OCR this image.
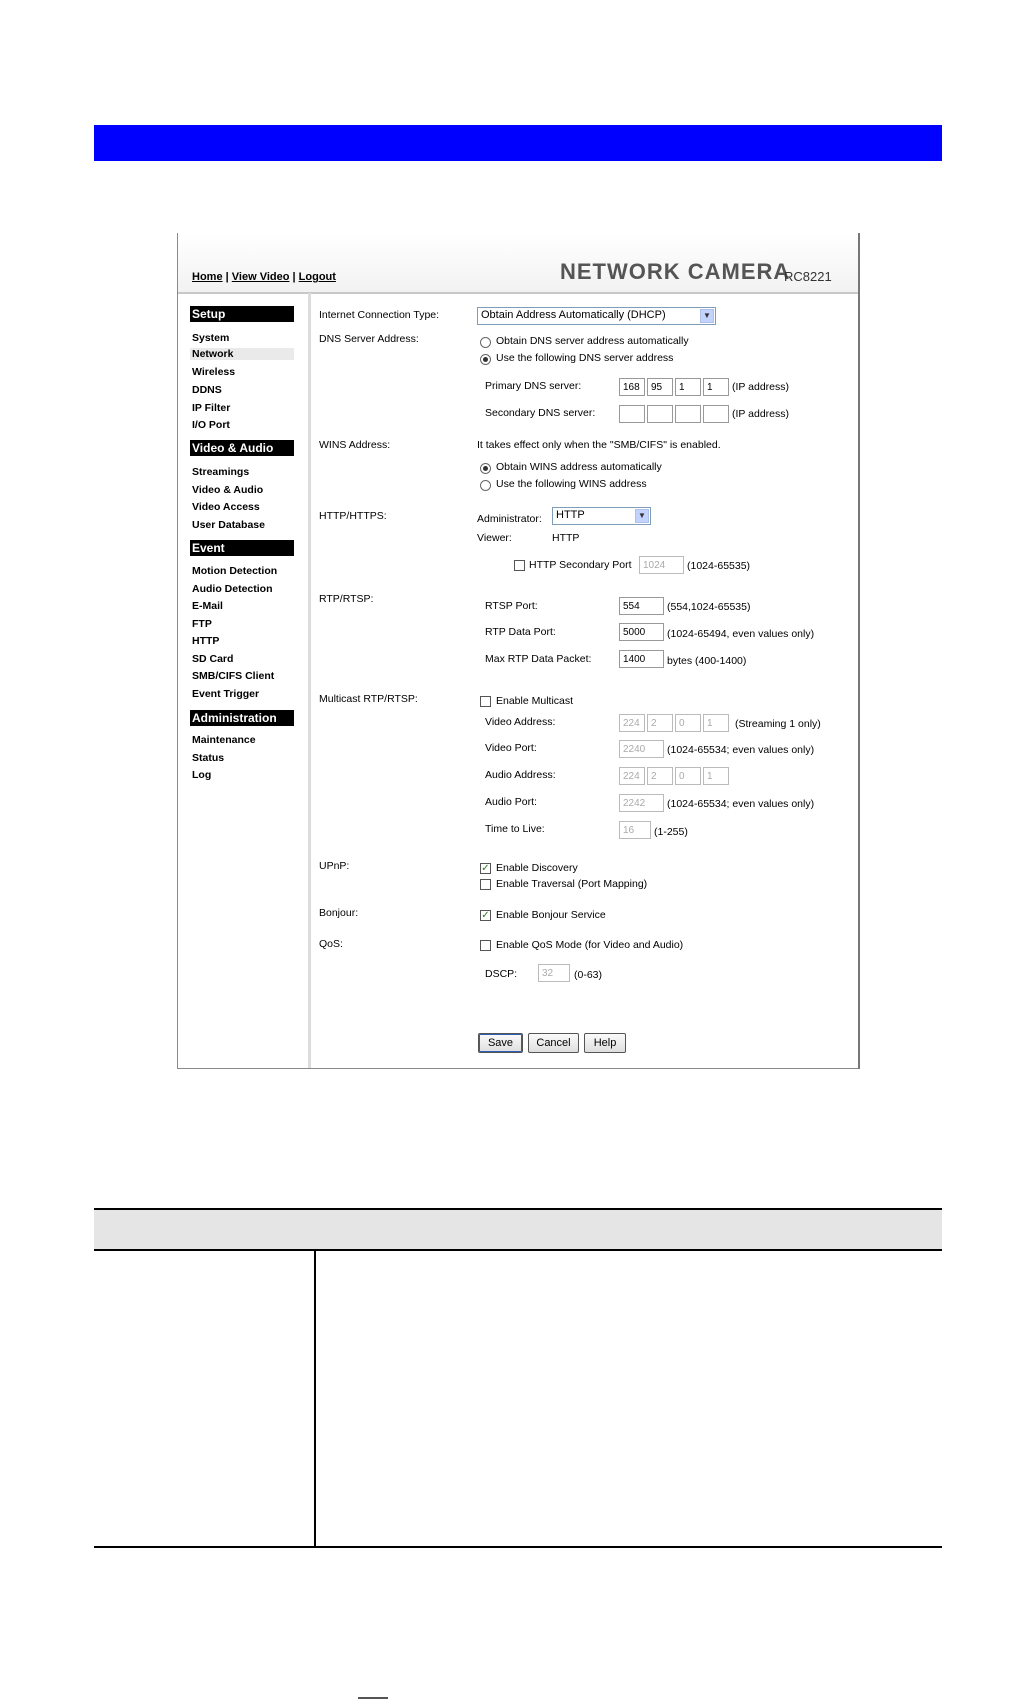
Home | View Video | Logout	NETWORK CAMERA
RC8221
Setup
System
Network
Wireless
DDNS
IP Filter
I/O Port
Video & Audio
Streamings
Video & Audio
Video Access
User Database
Event
Motion Detection
Audio Detection
E-Mail
FTP
HTTP
SD Card
SMB/CIFS Client
Event Trigger
Administration
Maintenance
Status
Log
Internet Connection Type:	Obtain Address Automatically (DHCP)	▼
DNS Server Address:	Obtain DNS server address automatically
Use the following DNS server address
Primary DNS server:	168	95	1	1	(IP address)
Secondary DNS server:	(IP address)
WINS Address:	It takes effect only when the "SMB/CIFS" is enabled.
Obtain WINS address automatically
Use the following WINS address
HTTP/HTTPS:	Administrator:	HTTP	▼
Viewer:	HTTP
HTTP Secondary Port	1024	(1024-65535)
RTP/RTSP:
RTSP Port:	554	(554,1024-65535)
RTP Data Port:	5000	(1024-65494, even values only)
Max RTP Data Packet:	1400	bytes (400-1400)
Multicast RTP/RTSP:	Enable Multicast
Video Address:	224	2	0	1	(Streaming 1 only)
Video Port:	2240	(1024-65534; even values only)
Audio Address:	224	2	0	1
Audio Port:	2242	(1024-65534; even values only)
Time to Live:	16	(1-255)
UPnP:	✓ Enable Discovery
Enable Traversal (Port Mapping)
Bonjour:	✓ Enable Bonjour Service
QoS:	Enable QoS Mode (for Video and Audio)
DSCP:	32	(0-63)
Save	Cancel	Help
